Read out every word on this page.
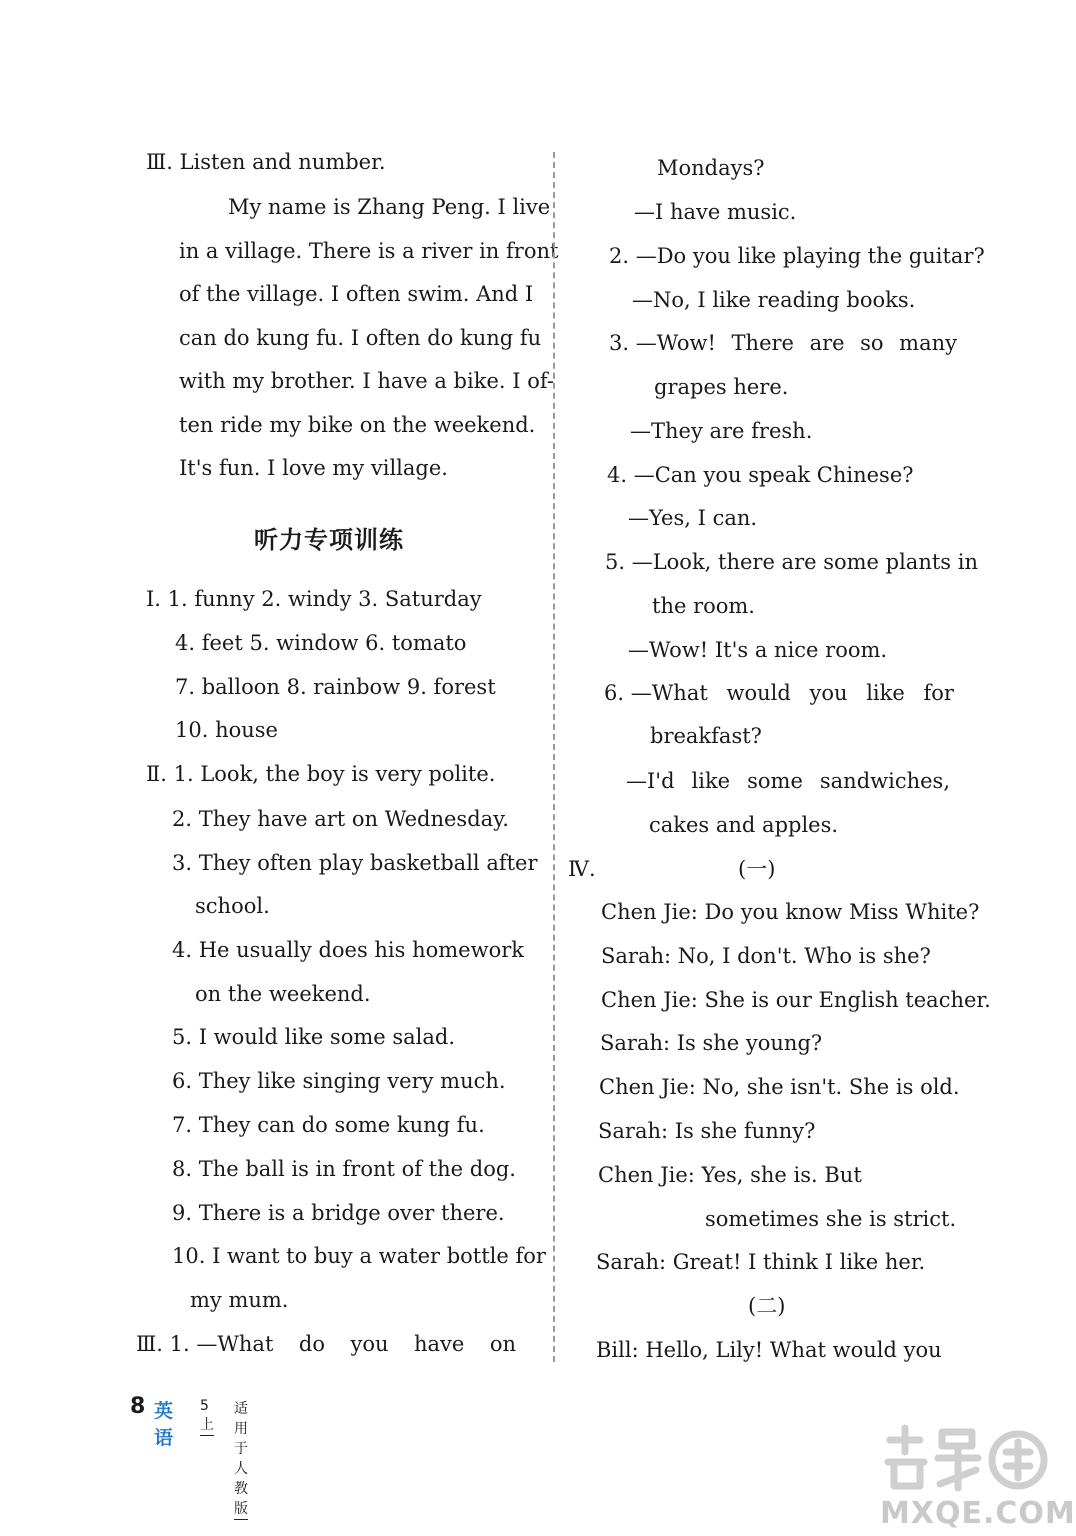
Ⅲ. Listen and number.
My name is Zhang Peng. I live
in a village. There is a river in front
of the village. I often swim. And I
can do kung fu. I often do kung fu
with my brother. I have a bike. I of-
ten ride my bike on the weekend.
It's fun. I love my village.
听力专项训练
Ⅰ. 1. funny 2. windy 3. Saturday
4. feet 5. window 6. tomato
7. balloon 8. rainbow 9. forest
10. house
Ⅱ. 1. Look, the boy is very polite.
2. They have art on Wednesday.
3. They often play basketball after
school.
4. He usually does his homework
on the weekend.
5. I would like some salad.
6. They like singing very much.
7. They can do some kung fu.
8. The ball is in front of the dog.
9. There is a bridge over there.
10. I want to buy a water bottle for
my mum.
Ⅲ. 1. —What do you have on
Mondays?
—I have music.
2. —Do you like playing the guitar?
—No, I like reading books.
3. —Wow! There are so many
grapes here.
—They are fresh.
4. —Can you speak Chinese?
—Yes, I can.
5. —Look, there are some plants in
the room.
—Wow! It's a nice room.
6. —What would you like for
breakfast?
—I'd like some sandwiches,
cakes and apples.
Ⅳ.	(一)
Chen Jie: Do you know Miss White?
Sarah: No, I don't. Who is she?
Chen Jie: She is our English teacher.
Sarah: Is she young?
Chen Jie: No, she isn't. She is old.
Sarah: Is she funny?
Chen Jie: Yes, she is. But
sometimes she is strict.
Sarah: Great! I think I like her.
(二)
Bill: Hello, Lily! What would you
8 英语
5上
适用于人教版	MXQE.COM
